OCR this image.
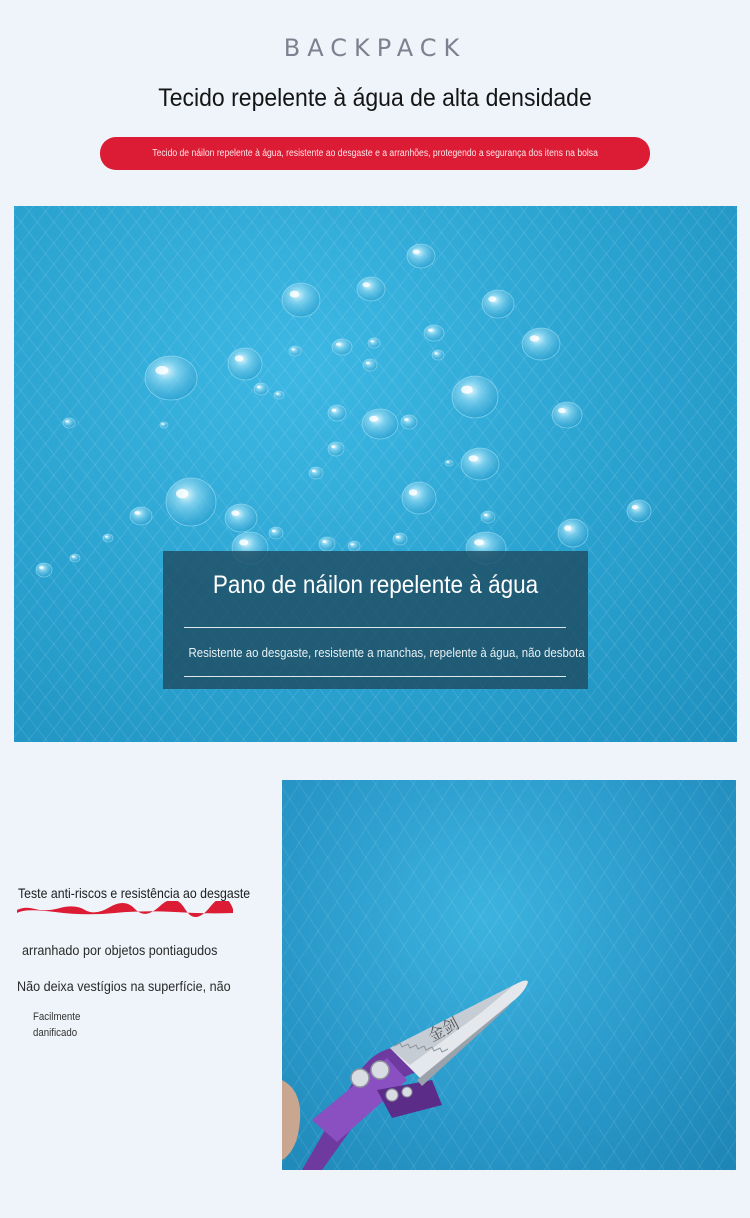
BACKPACK
Tecido repelente à água de alta densidade
Tecido de náilon repelente à água, resistente ao desgaste e a arranhões, protegendo a segurança dos itens na bolsa
Pano de náilon repelente à água
Resistente ao desgaste, resistente a manchas, repelente à água, não desbota
Teste anti-riscos e resistência ao desgaste
arranhado por objetos pontiagudos
Não deixa vestígios na superfície, não
Facilmente
danificado	金剑
